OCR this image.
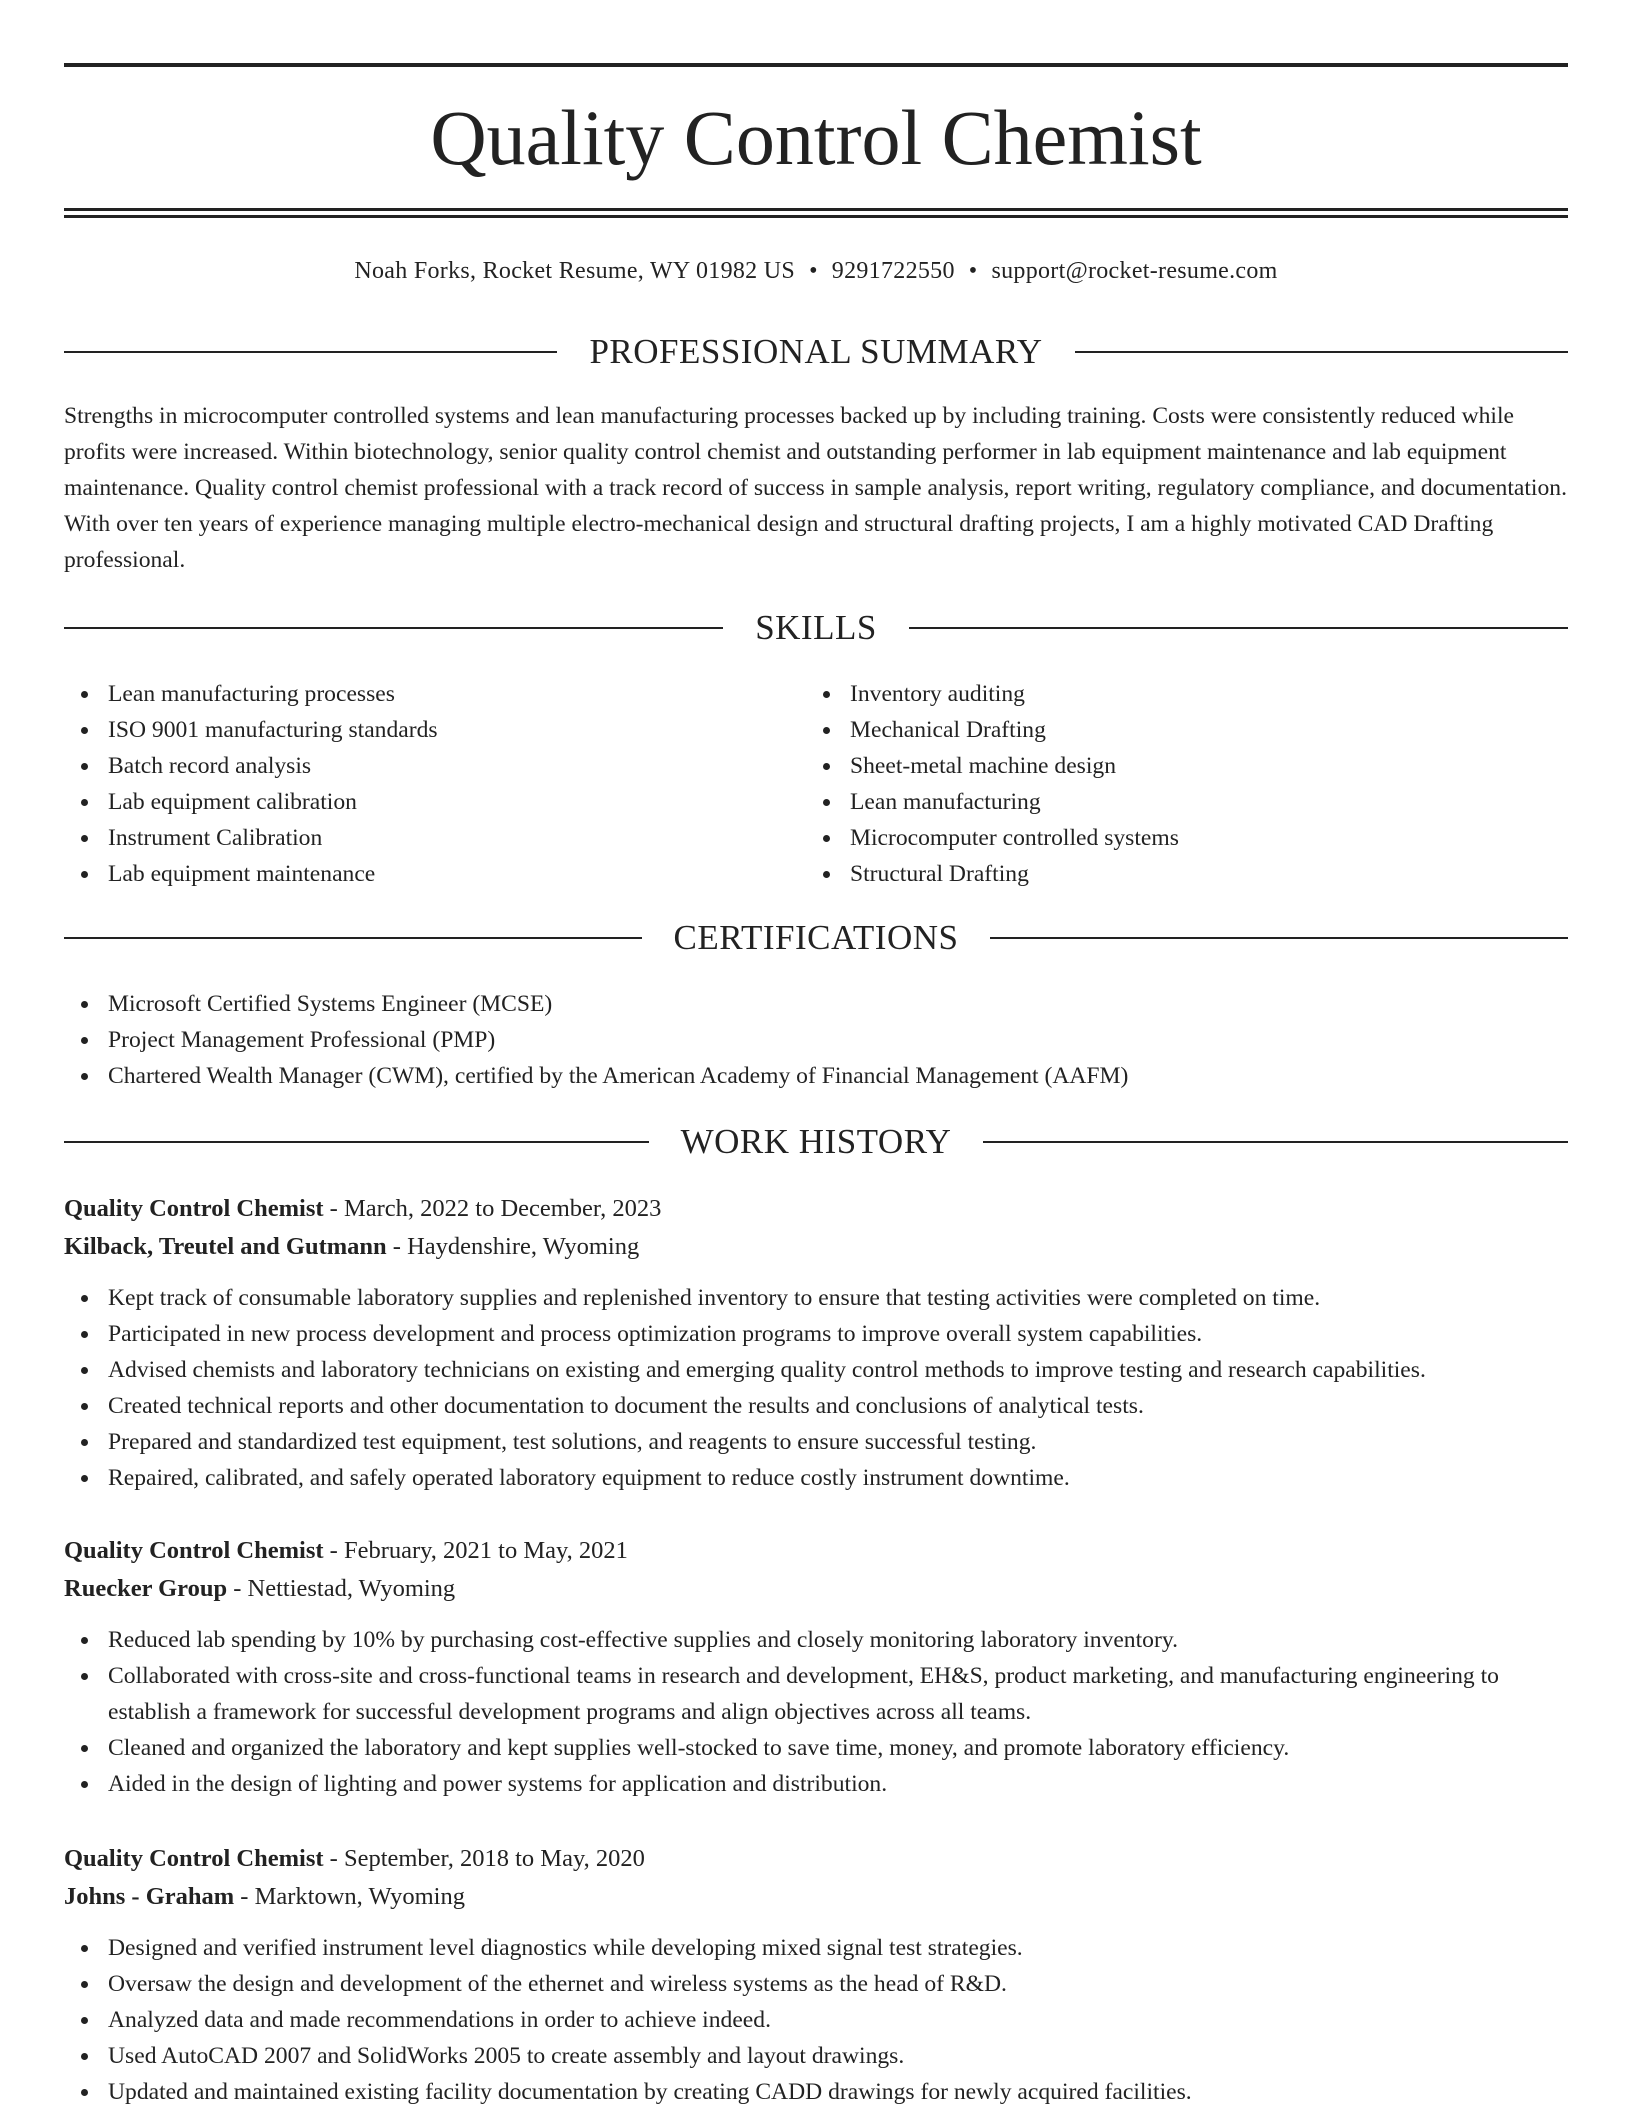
Quality Control Chemist
Noah Forks, Rocket Resume, WY 01982 US • 9291722550 • support@rocket-resume.com
PROFESSIONAL SUMMARY

Strengths in microcomputer controlled systems and lean manufacturing processes backed up by including training. Costs were consistently reduced while profits were increased. Within biotechnology, senior quality control chemist and outstanding performer in lab equipment maintenance and lab equipment maintenance. Quality control chemist professional with a track record of success in sample analysis, report writing, regulatory compliance, and documentation. With over ten years of experience managing multiple electro-mechanical design and structural drafting projects, I am a highly motivated CAD Drafting professional.

SKILLS
Lean manufacturing processes
ISO 9001 manufacturing standards
Batch record analysis
Lab equipment calibration
Instrument Calibration
Lab equipment maintenance
Inventory auditing
Mechanical Drafting
Sheet-metal machine design
Lean manufacturing
Microcomputer controlled systems
Structural Drafting
CERTIFICATIONS
Microsoft Certified Systems Engineer (MCSE)
Project Management Professional (PMP)
Chartered Wealth Manager (CWM), certified by the American Academy of Financial Management (AAFM)
WORK HISTORY
Quality Control Chemist - March, 2022 to December, 2023
Kilback, Treutel and Gutmann - Haydenshire, Wyoming
Kept track of consumable laboratory supplies and replenished inventory to ensure that testing activities were completed on time.
Participated in new process development and process optimization programs to improve overall system capabilities.
Advised chemists and laboratory technicians on existing and emerging quality control methods to improve testing and research capabilities.
Created technical reports and other documentation to document the results and conclusions of analytical tests.
Prepared and standardized test equipment, test solutions, and reagents to ensure successful testing.
Repaired, calibrated, and safely operated laboratory equipment to reduce costly instrument downtime.
Quality Control Chemist - February, 2021 to May, 2021
Ruecker Group - Nettiestad, Wyoming
Reduced lab spending by 10% by purchasing cost-effective supplies and closely monitoring laboratory inventory.
Collaborated with cross-site and cross-functional teams in research and development, EH&S, product marketing, and manufacturing engineering to establish a framework for successful development programs and align objectives across all teams.
Cleaned and organized the laboratory and kept supplies well-stocked to save time, money, and promote laboratory efficiency.
Aided in the design of lighting and power systems for application and distribution.
Quality Control Chemist - September, 2018 to May, 2020
Johns - Graham - Marktown, Wyoming
Designed and verified instrument level diagnostics while developing mixed signal test strategies.
Oversaw the design and development of the ethernet and wireless systems as the head of R&D.
Analyzed data and made recommendations in order to achieve indeed.
Used AutoCAD 2007 and SolidWorks 2005 to create assembly and layout drawings.
Updated and maintained existing facility documentation by creating CADD drawings for newly acquired facilities.
